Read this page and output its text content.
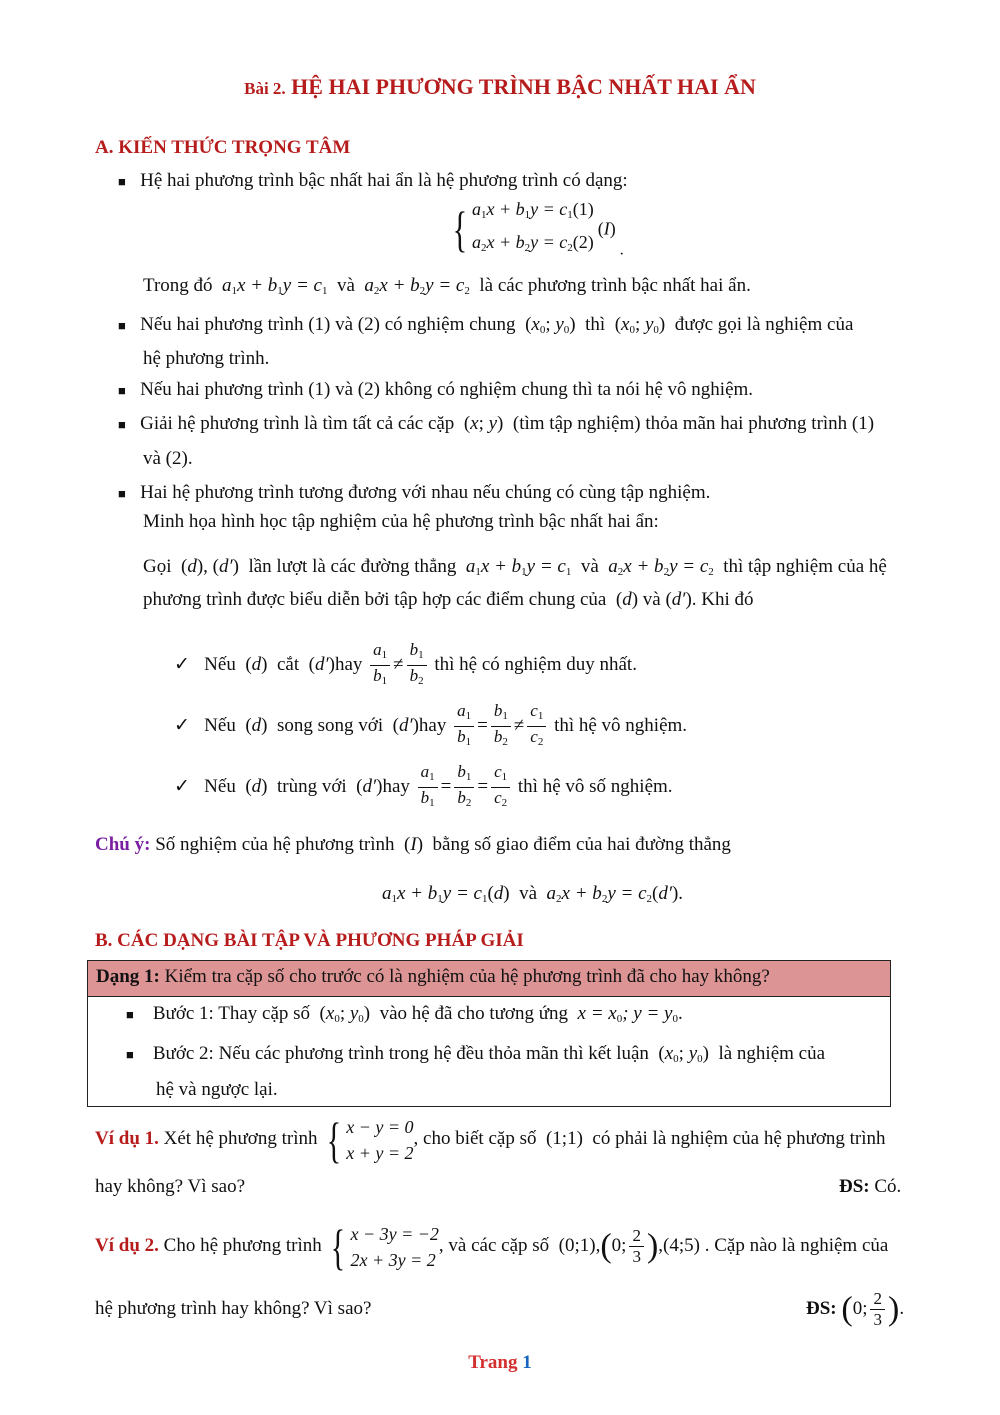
Bài 2. HỆ HAI PHƯƠNG TRÌNH BẬC NHẤT HAI ẨN
A. KIẾN THỨC TRỌNG TÂM
■ Hệ hai phương trình bậc nhất hai ẩn là hệ phương trình có dạng:
{ $a_1x + b_1y = c_1(1)$
$a_2x + b_2y = c_2(2)$ (I) .
Trong đó  $a_1x + b_1y = c_1$ và  $a_2x + b_2y = c_2$ là các phương trình bậc nhất hai ẩn.
■ Nếu hai phương trình (1) và (2) có nghiệm chung  ($x_0$; $y_0$)  thì  ($x_0$; $y_0$)  được gọi là nghiệm của
hệ phương trình.
■ Nếu hai phương trình (1) và (2) không có nghiệm chung thì ta nói hệ vô nghiệm.
■ Giải hệ phương trình là tìm tất cả các cặp  (x; y)  (tìm tập nghiệm) thỏa mãn hai phương trình (1)
và (2).
■ Hai hệ phương trình tương đương với nhau nếu chúng có cùng tập nghiệm.
Minh họa hình học tập nghiệm của hệ phương trình bậc nhất hai ẩn:
Gọi  (d), (d′)  lần lượt là các đường thẳng  $a_1x + b_1y = c_1$ và  $a_2x + b_2y = c_2$ thì tập nghiệm của hệ
phương trình được biểu diễn bởi tập hợp các điểm chung của  (d) và (d′). Khi đó
✓ Nếu  (d)  cắt  $(d')hay \frac{a_1}{b_1} \ne \frac{b_1}{b_2}$ thì hệ có nghiệm duy nhất.
✓ Nếu  (d)  song song với  $(d')hay \frac{a_1}{b_1} = \frac{b_1}{b_2} \ne \frac{c_1}{c_2}$ thì hệ vô nghiệm.
✓ Nếu  (d)  trùng với  $(d')hay \frac{a_1}{b_1} = \frac{b_1}{b_2} = \frac{c_1}{c_2}$ thì hệ vô số nghiệm.
Chú ý: Số nghiệm của hệ phương trình  (I)  bằng số giao điểm của hai đường thẳng
$a_1x + b_1y = c_1(d)$  và $a_2x + b_2y = c_2(d')$.
B. CÁC DẠNG BÀI TẬP VÀ PHƯƠNG PHÁP GIẢI
Dạng 1: Kiểm tra cặp số cho trước có là nghiệm của hệ phương trình đã cho hay không?
■ Bước 1: Thay cặp số  ($x_0$; $y_0$)  vào hệ đã cho tương ứng  $x = x_0$; $y = y_0$.
■ Bước 2: Nếu các phương trình trong hệ đều thỏa mãn thì kết luận  ($x_0$; $y_0$)  là nghiệm của
hệ và ngược lại.
Ví dụ 1. Xét hệ phương trình { x − y = 0
x + y = 2, cho biết cặp số  (1;1)  có phải là nghiệm của hệ phương trình
hay không? Vì sao?	ĐS: Có.
Ví dụ 2. Cho hệ phương trình { x − 3y = −2
2x + 3y = 2, và các cặp số  (0;1),(0; $\frac{2}{3}$ ),(4;5) . Cặp nào là nghiệm của
hệ phương trình hay không? Vì sao?	ĐS: (0; $\frac{2}{3}$ ).
Trang 1
